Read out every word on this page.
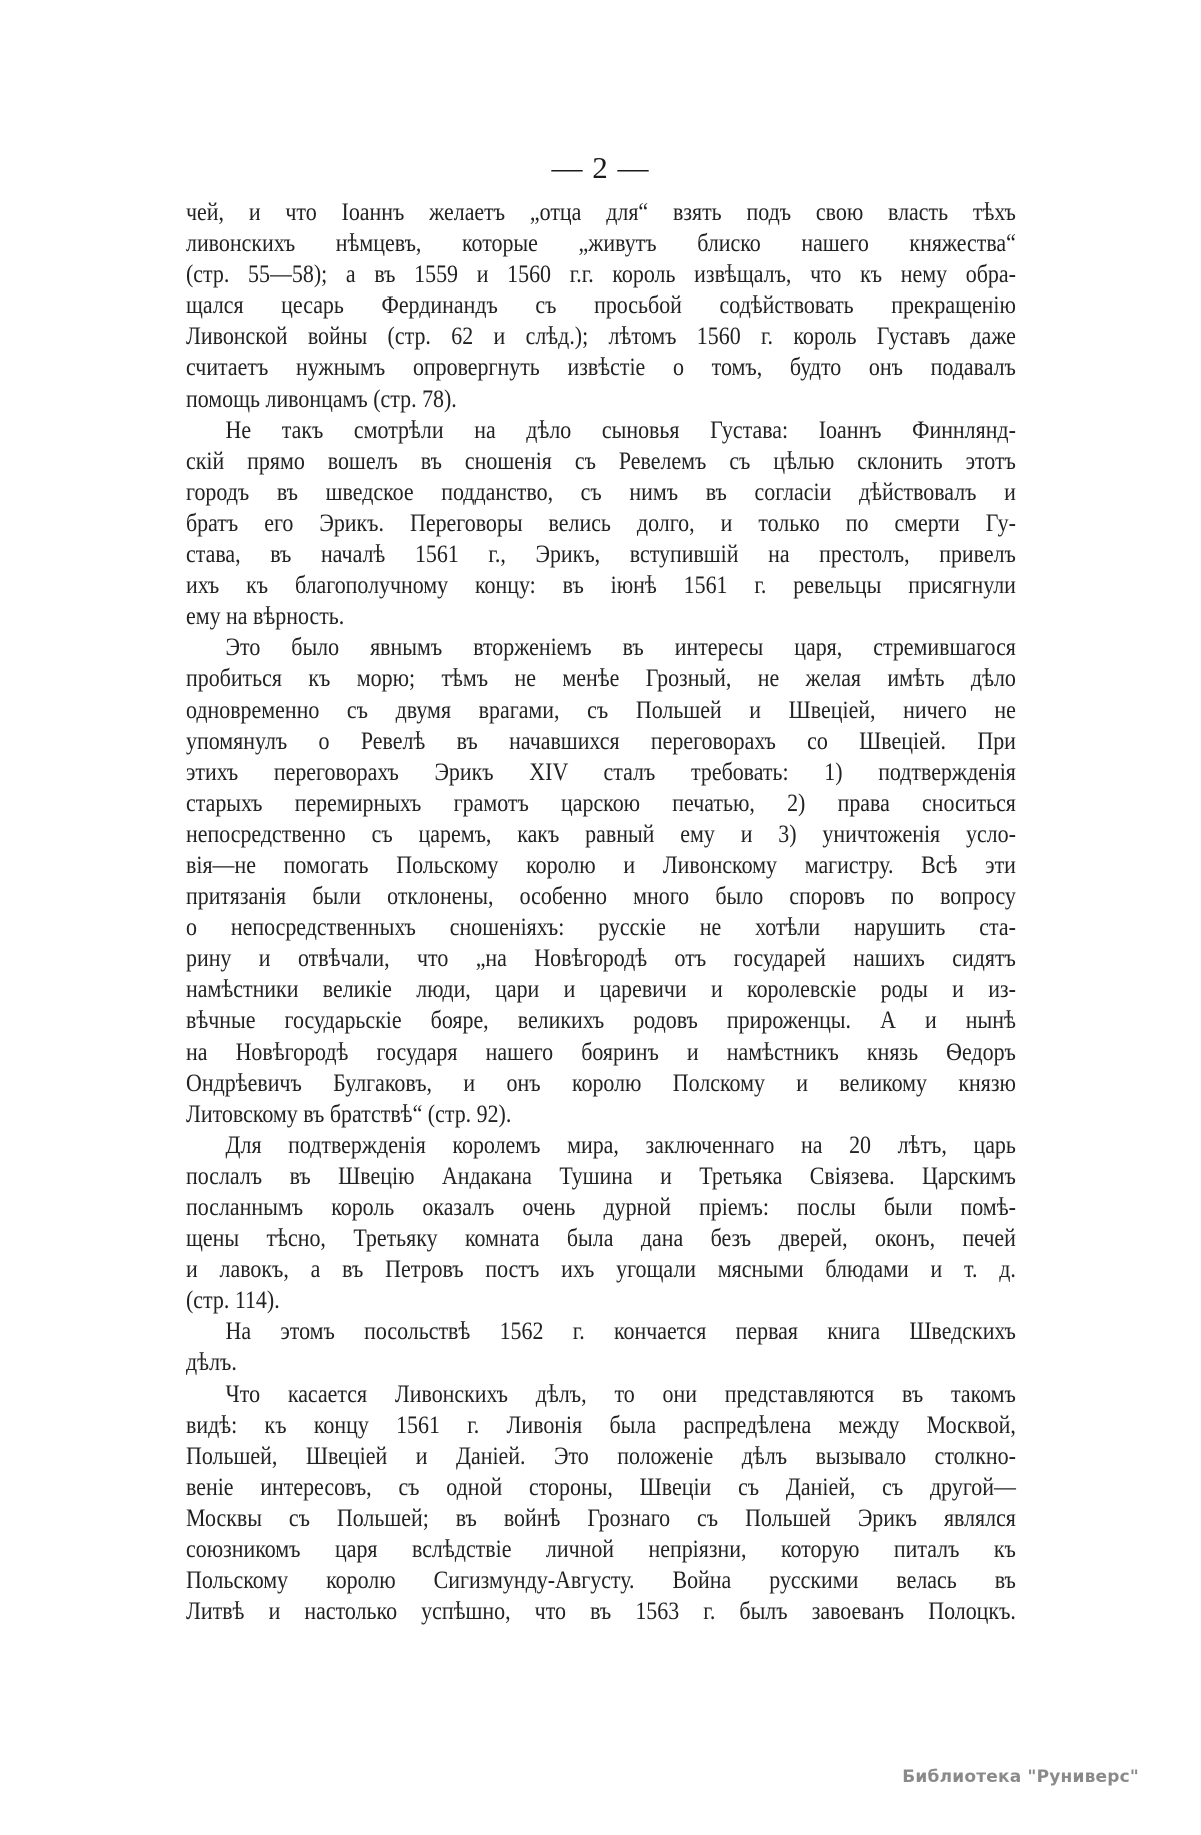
— 2 —
чей, и что Іоаннъ желаетъ „отца для“ взять подъ свою власть тѣхъ
ливонскихъ нѣмцевъ, которые „живутъ блиско нашего княжества“
(стр. 55—58); а въ 1559 и 1560 г.г. король извѣщалъ, что къ нему обра-
щался цесарь Фердинандъ съ просьбой содѣйствовать прекращенію
Ливонской войны (стр. 62 и слѣд.); лѣтомъ 1560 г. король Густавъ даже
считаетъ нужнымъ опровергнуть извѣстіе о томъ, будто онъ подавалъ
помощь ливонцамъ (стр. 78).
Не такъ смотрѣли на дѣло сыновья Густава: Іоаннъ Финнлянд-
скій прямо вошелъ въ сношенія съ Ревелемъ съ цѣлью склонить этотъ
городъ въ шведское подданство, съ нимъ въ согласіи дѣйствовалъ и
братъ его Эрикъ. Переговоры велись долго, и только по смерти Гу-
става, въ началѣ 1561 г., Эрикъ, вступившій на престолъ, привелъ
ихъ къ благополучному концу: въ іюнѣ 1561 г. ревельцы присягнули
ему на вѣрность.
Это было явнымъ вторженіемъ въ интересы царя, стремившагося
пробиться къ морю; тѣмъ не менѣе Грозный, не желая имѣть дѣло
одновременно съ двумя врагами, съ Польшей и Швеціей, ничего не
упомянулъ о Ревелѣ въ начавшихся переговорахъ со Швеціей. При
этихъ переговорахъ Эрикъ XIV сталъ требовать: 1) подтвержденія
старыхъ перемирныхъ грамотъ царскою печатью, 2) права сноситься
непосредственно съ царемъ, какъ равный ему и 3) уничтоженія усло-
вія—не помогать Польскому королю и Ливонскому магистру. Всѣ эти
притязанія были отклонены, особенно много было споровъ по вопросу
о непосредственныхъ сношеніяхъ: русскіе не хотѣли нарушить ста-
рину и отвѣчали, что „на Новѣгородѣ отъ государей нашихъ сидятъ
намѣстники великіе люди, цари и царевичи и королевскіе роды и из-
вѣчные государьскіе бояре, великихъ родовъ прироженцы. А и нынѣ
на Новѣгородѣ государя нашего бояринъ и намѣстникъ князь Ѳедоръ
Ондрѣевичъ Булгаковъ, и онъ королю Полскому и великому князю
Литовскому въ братствѣ“ (стр. 92).
Для подтвержденія королемъ мира, заключеннаго на 20 лѣтъ, царь
послалъ въ Швецію Андакана Тушина и Третьяка Свіязева. Царскимъ
посланнымъ король оказалъ очень дурной пріемъ: послы были помѣ-
щены тѣсно, Третьяку комната была дана безъ дверей, оконъ, печей
и лавокъ, а въ Петровъ постъ ихъ угощали мясными блюдами и т. д.
(стр. 114).
На этомъ посольствѣ 1562 г. кончается первая книга Шведскихъ
дѣлъ.
Что касается Ливонскихъ дѣлъ, то они представляются въ такомъ
видѣ: къ концу 1561 г. Ливонія была распредѣлена между Москвой,
Польшей, Швеціей и Даніей. Это положеніе дѣлъ вызывало столкно-
веніе интересовъ, съ одной стороны, Швеціи съ Даніей, съ другой—
Москвы съ Польшей; въ войнѣ Грознаго съ Польшей Эрикъ являлся
союзникомъ царя вслѣдствіе личной непріязни, которую питалъ къ
Польскому королю Сигизмунду-Августу. Война русскими велась въ
Литвѣ и настолько успѣшно, что въ 1563 г. былъ завоеванъ Полоцкъ.
Библиотека "Руниверс"
